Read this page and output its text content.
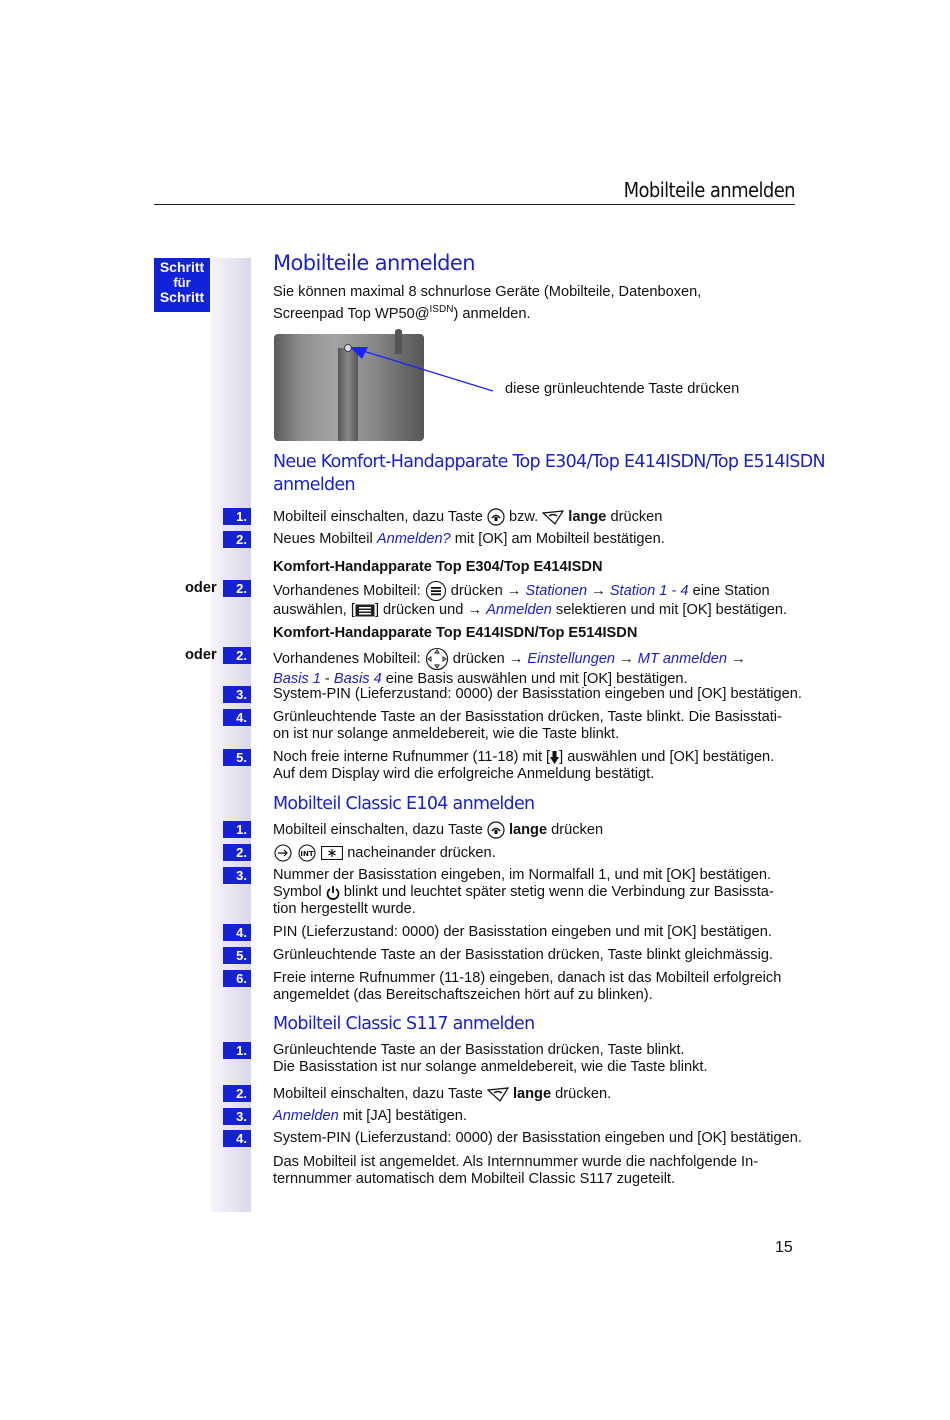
Mobilteile anmelden
Schritt
für
Schritt
Mobilteile anmelden
Sie können maximal 8 schnurlose Geräte (Mobilteile, Datenboxen,
Screenpad Top WP50@$^{ISDN}$) anmelden.
diese grünleuchtende Taste drücken
Neue Komfort-Handapparate Top E304/Top E414ISDN/Top E514ISDN
anmelden
1. Mobilteil einschalten, dazu Taste bzw. lange drücken
2. Neues Mobilteil Anmelden? mit [OK] am Mobilteil bestätigen.
Komfort-Handapparate Top E304/Top E414ISDN
oder	2. Vorhandenes Mobilteil: drücken → Stationen → Station 1 - 4 eine Station
auswählen, [ ] drücken und → Anmelden selektieren und mit [OK] bestätigen.
Komfort-Handapparate Top E414ISDN/Top E514ISDN
oder	2. Vorhandenes Mobilteil: drücken → Einstellungen → MT anmelden →
Basis 1 - Basis 4 eine Basis auswählen und mit [OK] bestätigen.
3. System-PIN (Lieferzustand: 0000) der Basisstation eingeben und [OK] bestätigen.
4. Grünleuchtende Taste an der Basisstation drücken, Taste blinkt. Die Basisstati-
on ist nur solange anmeldebereit, wie die Taste blinkt.
5. Noch freie interne Rufnummer (11-18) mit [ ] auswählen und [OK] bestätigen.
Auf dem Display wird die erfolgreiche Anmeldung bestätigt.
Mobilteil Classic E104 anmelden
1. Mobilteil einschalten, dazu Taste lange drücken
2.
	INT nacheinander drücken.
3. Nummer der Basisstation eingeben, im Normalfall 1, und mit [OK] bestätigen.
Symbol blinkt und leuchtet später stetig wenn die Verbindung zur Basissta-
tion hergestellt wurde.
4. PIN (Lieferzustand: 0000) der Basisstation eingeben und mit [OK] bestätigen.
5. Grünleuchtende Taste an der Basisstation drücken, Taste blinkt gleichmässig.
6. Freie interne Rufnummer (11-18) eingeben, danach ist das Mobilteil erfolgreich
angemeldet (das Bereitschaftszeichen hört auf zu blinken).
Mobilteil Classic S117 anmelden
1. Grünleuchtende Taste an der Basisstation drücken, Taste blinkt.
Die Basisstation ist nur solange anmeldebereit, wie die Taste blinkt.
2. Mobilteil einschalten, dazu Taste lange drücken.
3. Anmelden mit [JA] bestätigen.
4. System-PIN (Lieferzustand: 0000) der Basisstation eingeben und [OK] bestätigen.
Das Mobilteil ist angemeldet. Als Internnummer wurde die nachfolgende In-
ternnummer automatisch dem Mobilteil Classic S117 zugeteilt.
15
